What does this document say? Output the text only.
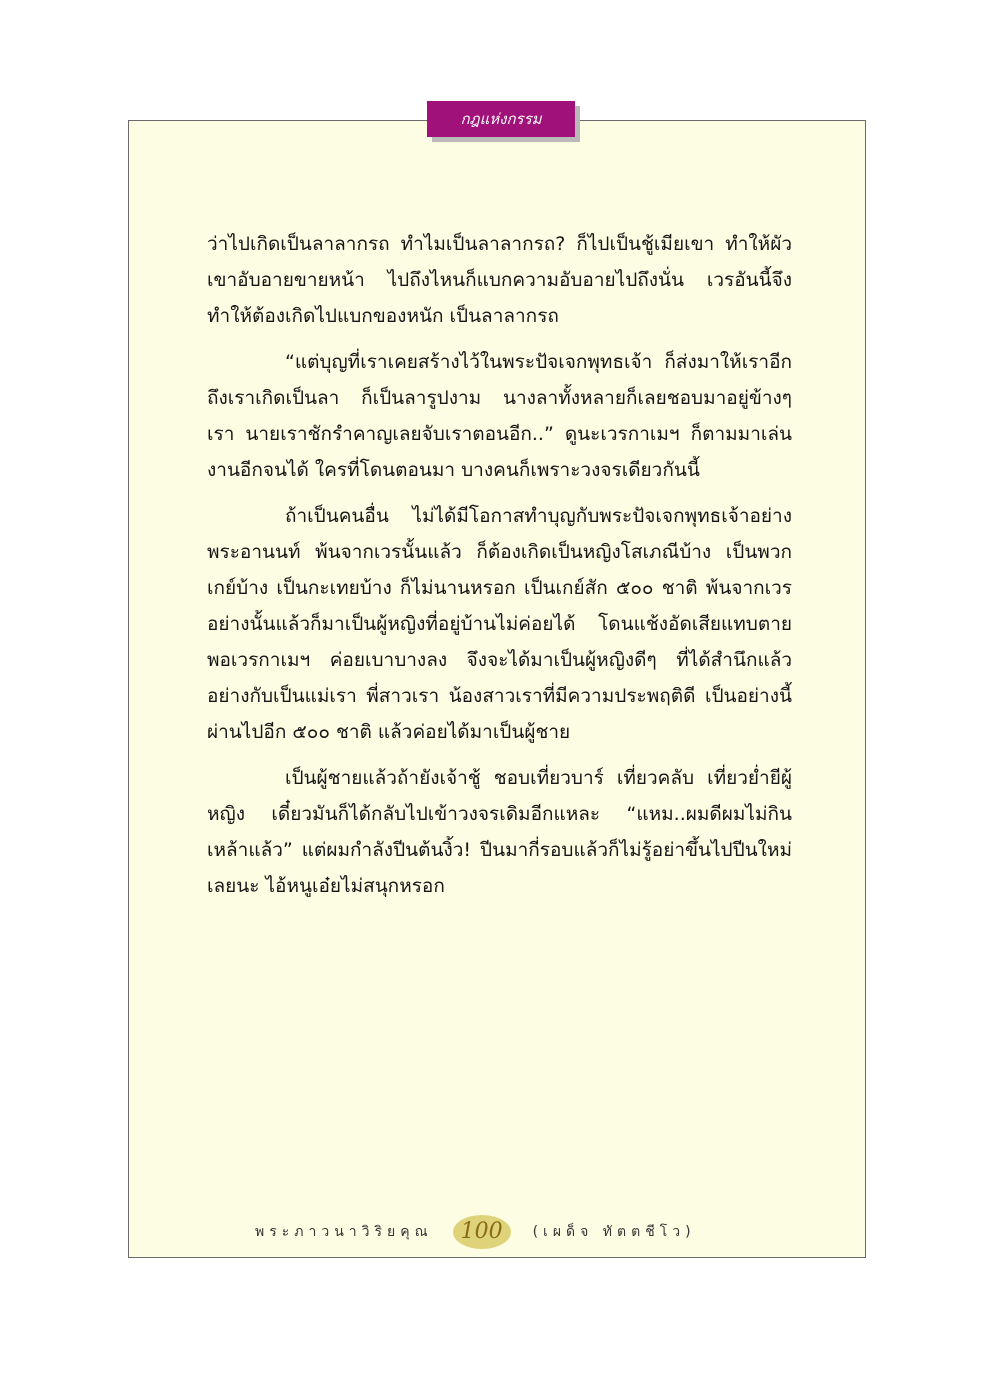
กฎแห่งกรรม

ว่าไปเกิดเป็นลาลากรถ ทำไมเป็นลาลากรถ? ก็ไปเป็นชู้เมียเขา ทำให้ผัวเขาอับอายขายหน้า ไปถึงไหนก็แบกความอับอายไปถึงนั่น เวรอันนี้จึงทำให้ต้องเกิดไปแบกของหนัก เป็นลาลากรถ

“แต่บุญที่เราเคยสร้างไว้ในพระปัจเจกพุทธเจ้า ก็ส่งมาให้เราอีก ถึงเราเกิดเป็นลา ก็เป็นลารูปงาม นางลาทั้งหลายก็เลยชอบมาอยู่ข้างๆ เรา นายเราชักรำคาญเลยจับเราตอนอีก..” ดูนะเวรกาเมฯ ก็ตามมาเล่นงานอีกจนได้ ใครที่โดนตอนมา บางคนก็เพราะวงจรเดียวกันนี้

ถ้าเป็นคนอื่น ไม่ได้มีโอกาสทำบุญกับพระปัจเจกพุทธเจ้าอย่างพระอานนท์ พ้นจากเวรนั้นแล้ว ก็ต้องเกิดเป็นหญิงโสเภณีบ้าง เป็นพวกเกย์บ้าง เป็นกะเทยบ้าง ก็ไม่นานหรอก เป็นเกย์สัก ๕๐๐ ชาติ พ้นจากเวรอย่างนั้นแล้วก็มาเป็นผู้หญิงที่อยู่บ้านไม่ค่อยได้ โดนแช้งอัดเสียแทบตาย พอเวรกาเมฯ ค่อยเบาบางลง จึงจะได้มาเป็นผู้หญิงดีๆ ที่ได้สำนึกแล้ว อย่างกับเป็นแม่เรา พี่สาวเรา น้องสาวเราที่มีความประพฤติดี เป็นอย่างนี้ผ่านไปอีก ๕๐๐ ชาติ แล้วค่อยได้มาเป็นผู้ชาย

เป็นผู้ชายแล้วถ้ายังเจ้าชู้ ชอบเที่ยวบาร์ เที่ยวคลับ เที่ยวย่ำยีผู้หญิง เดี๋ยวมันก็ได้กลับไปเข้าวงจรเดิมอีกแหละ “แหม..ผมดีผมไม่กินเหล้าแล้ว” แต่ผมกำลังปีนต้นงิ้ว! ปีนมากี่รอบแล้วก็ไม่รู้อย่าขึ้นไปปีนใหม่เลยนะ ไอ้หนูเอ๋ยไม่สนุกหรอก

พระภาวนาวิริยคุณ	100	(เผด็จ ทัตตชีโว)
